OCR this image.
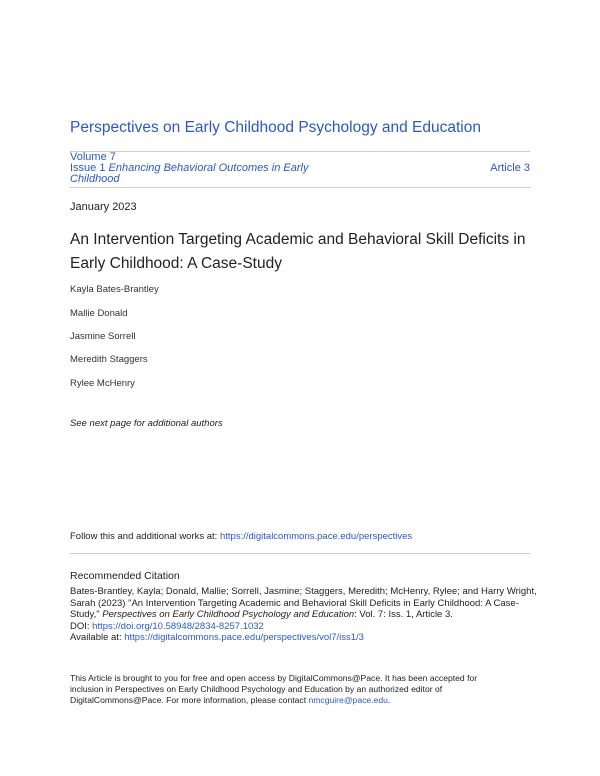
Perspectives on Early Childhood Psychology and Education
Volume 7
Issue 1 Enhancing Behavioral Outcomes in Early Childhood
Article 3
January 2023
An Intervention Targeting Academic and Behavioral Skill Deficits in Early Childhood: A Case-Study
Kayla Bates-Brantley
Mallie Donald
Jasmine Sorrell
Meredith Staggers
Rylee McHenry
See next page for additional authors
Follow this and additional works at: https://digitalcommons.pace.edu/perspectives
Recommended Citation
Bates-Brantley, Kayla; Donald, Mallie; Sorrell, Jasmine; Staggers, Meredith; McHenry, Rylee; and Harry Wright, Sarah (2023) "An Intervention Targeting Academic and Behavioral Skill Deficits in Early Childhood: A Case-Study," Perspectives on Early Childhood Psychology and Education: Vol. 7: Iss. 1, Article 3.
DOI: https://doi.org/10.58948/2834-8257.1032
Available at: https://digitalcommons.pace.edu/perspectives/vol7/iss1/3
This Article is brought to you for free and open access by DigitalCommons@Pace. It has been accepted for inclusion in Perspectives on Early Childhood Psychology and Education by an authorized editor of DigitalCommons@Pace. For more information, please contact nmcguire@pace.edu.
